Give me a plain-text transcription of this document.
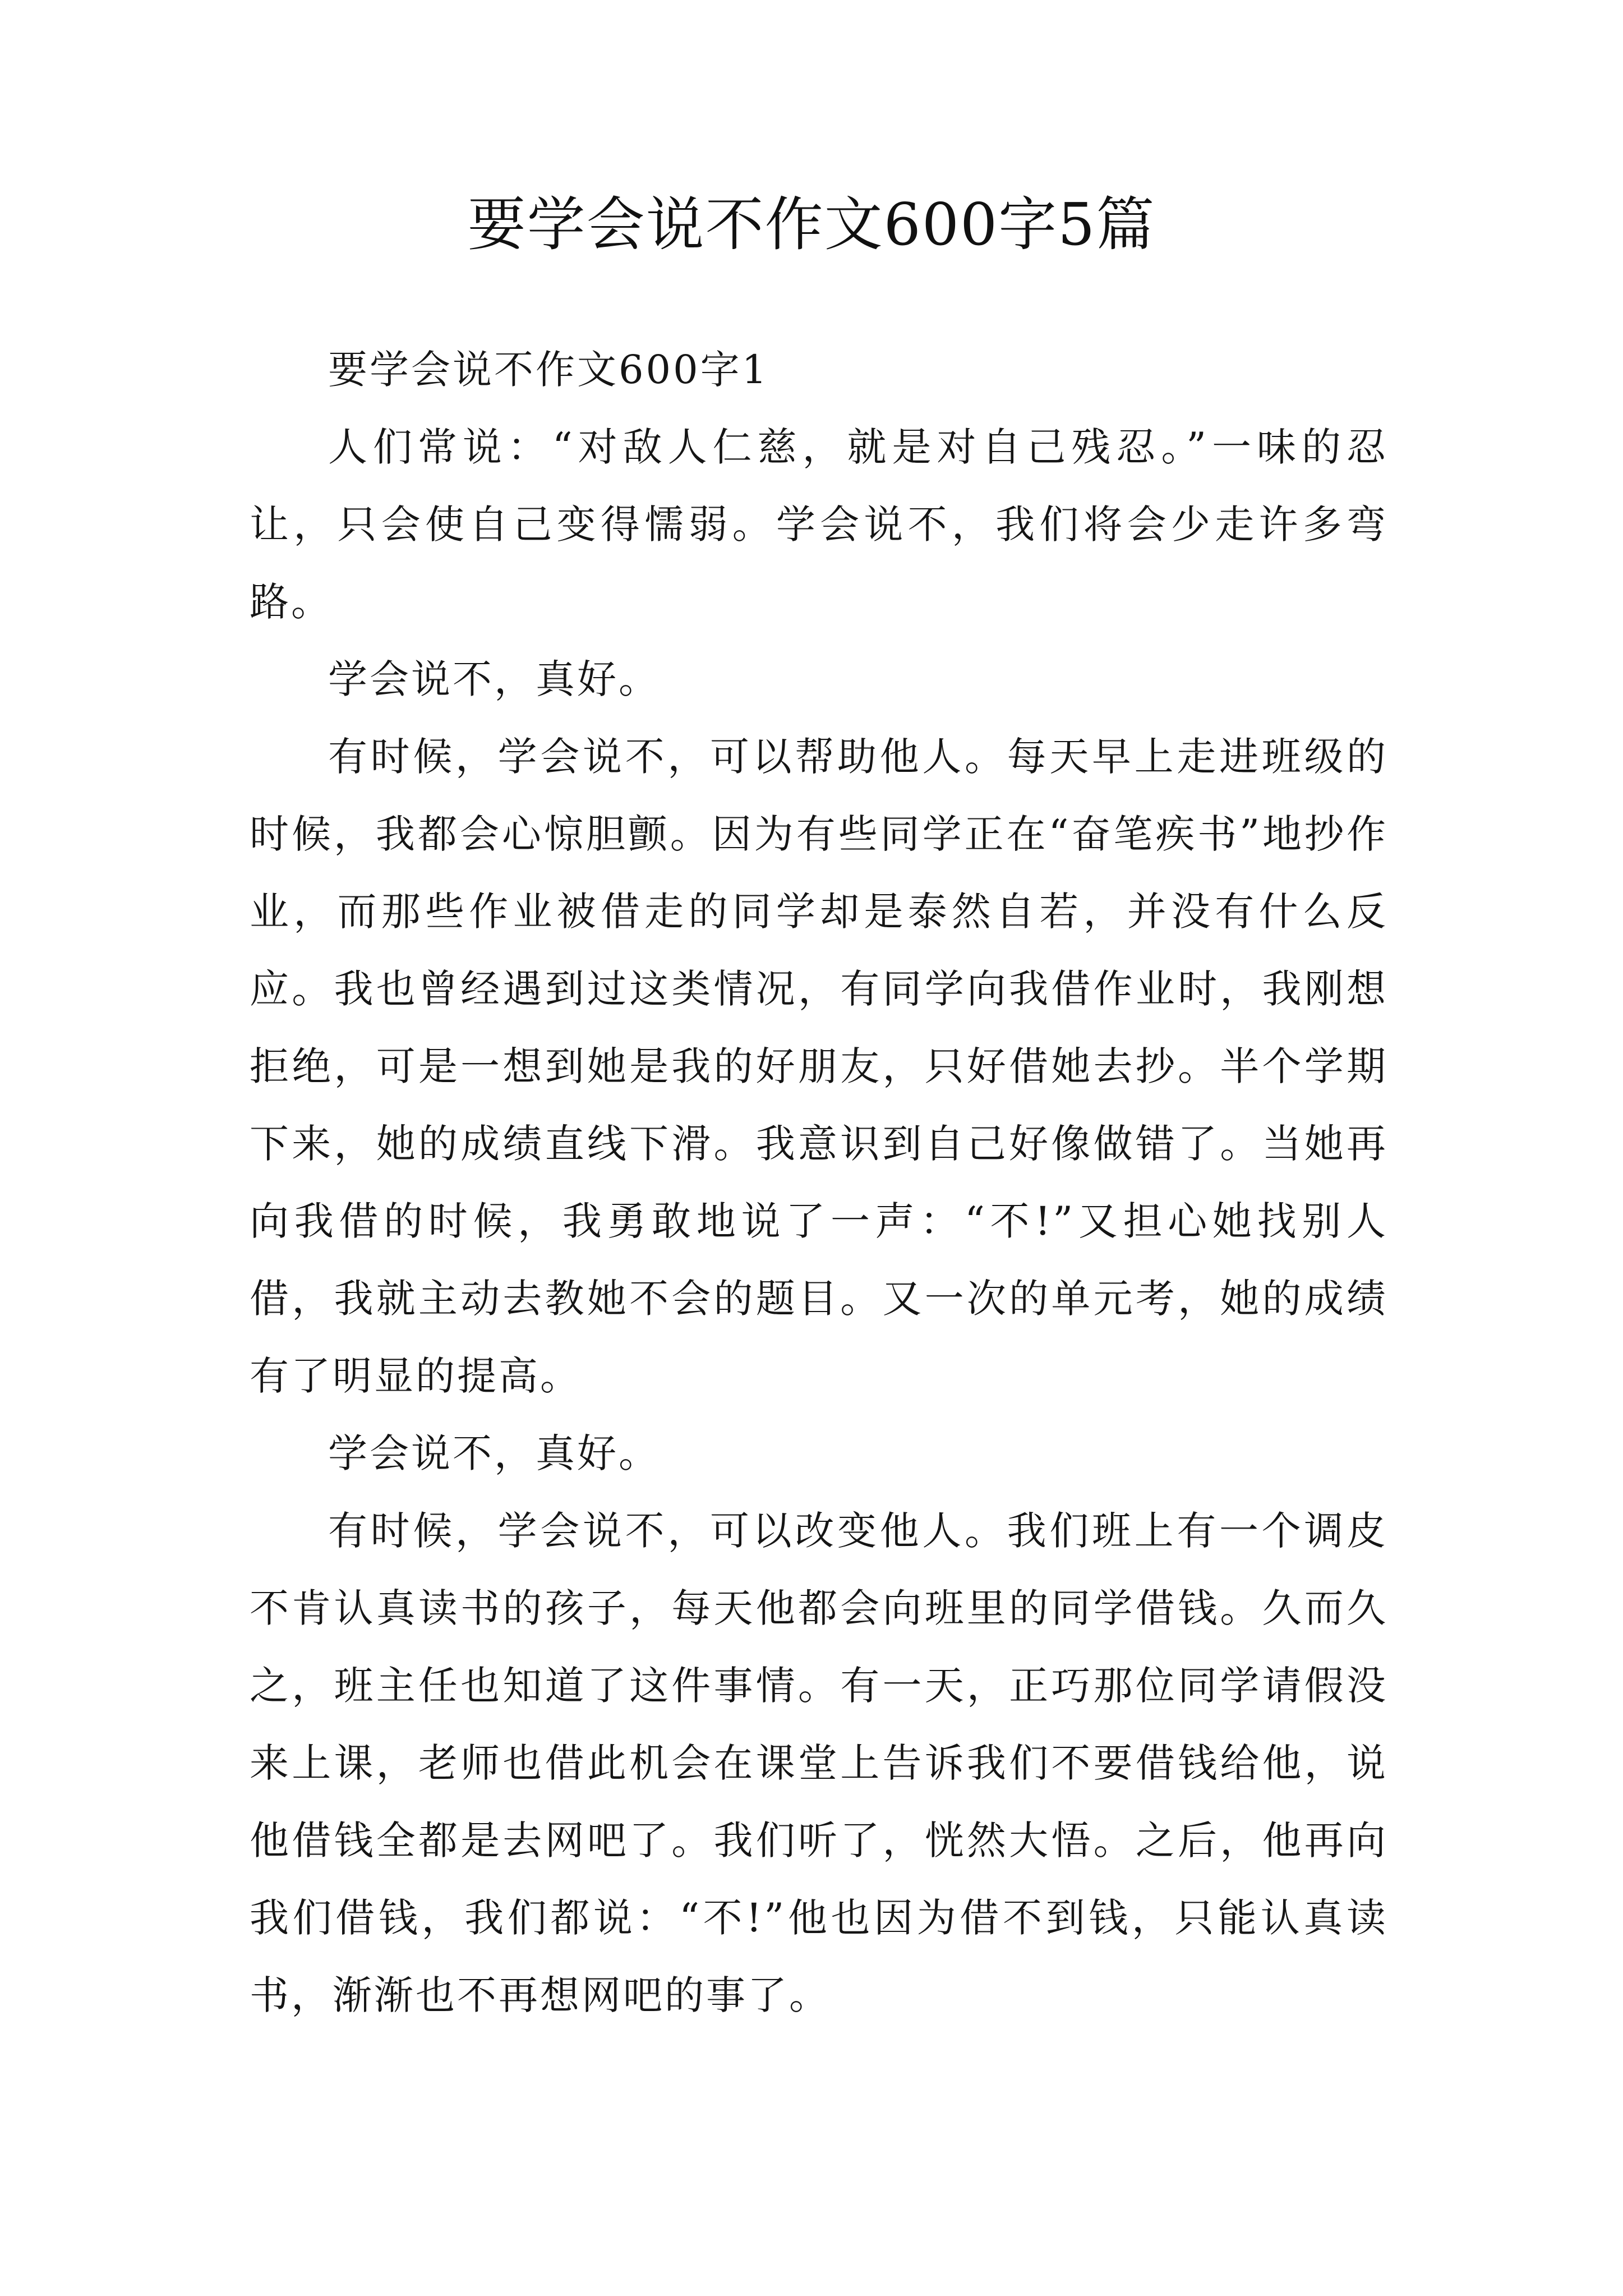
要学会说不作文600字5篇

要学会说不作文600字1

人们常说：“对敌人仁慈，就是对自己残忍。”一味的忍让，只会使自己变得懦弱。学会说不，我们将会少走许多弯路。

学会说不，真好。

有时候，学会说不，可以帮助他人。每天早上走进班级的时候，我都会心惊胆颤。因为有些同学正在“奋笔疾书”地抄作业，而那些作业被借走的同学却是泰然自若，并没有什么反应。我也曾经遇到过这类情况，有同学向我借作业时，我刚想拒绝，可是一想到她是我的好朋友，只好借她去抄。半个学期下来，她的成绩直线下滑。我意识到自己好像做错了。当她再向我借的时候，我勇敢地说了一声：“不!”又担心她找别人借，我就主动去教她不会的题目。又一次的单元考，她的成绩有了明显的提高。

学会说不，真好。

有时候，学会说不，可以改变他人。我们班上有一个调皮不肯认真读书的孩子，每天他都会向班里的同学借钱。久而久之，班主任也知道了这件事情。有一天，正巧那位同学请假没来上课，老师也借此机会在课堂上告诉我们不要借钱给他，说他借钱全都是去网吧了。我们听了，恍然大悟。之后，他再向我们借钱，我们都说：“不!”他也因为借不到钱，只能认真读书，渐渐也不再想网吧的事了。
